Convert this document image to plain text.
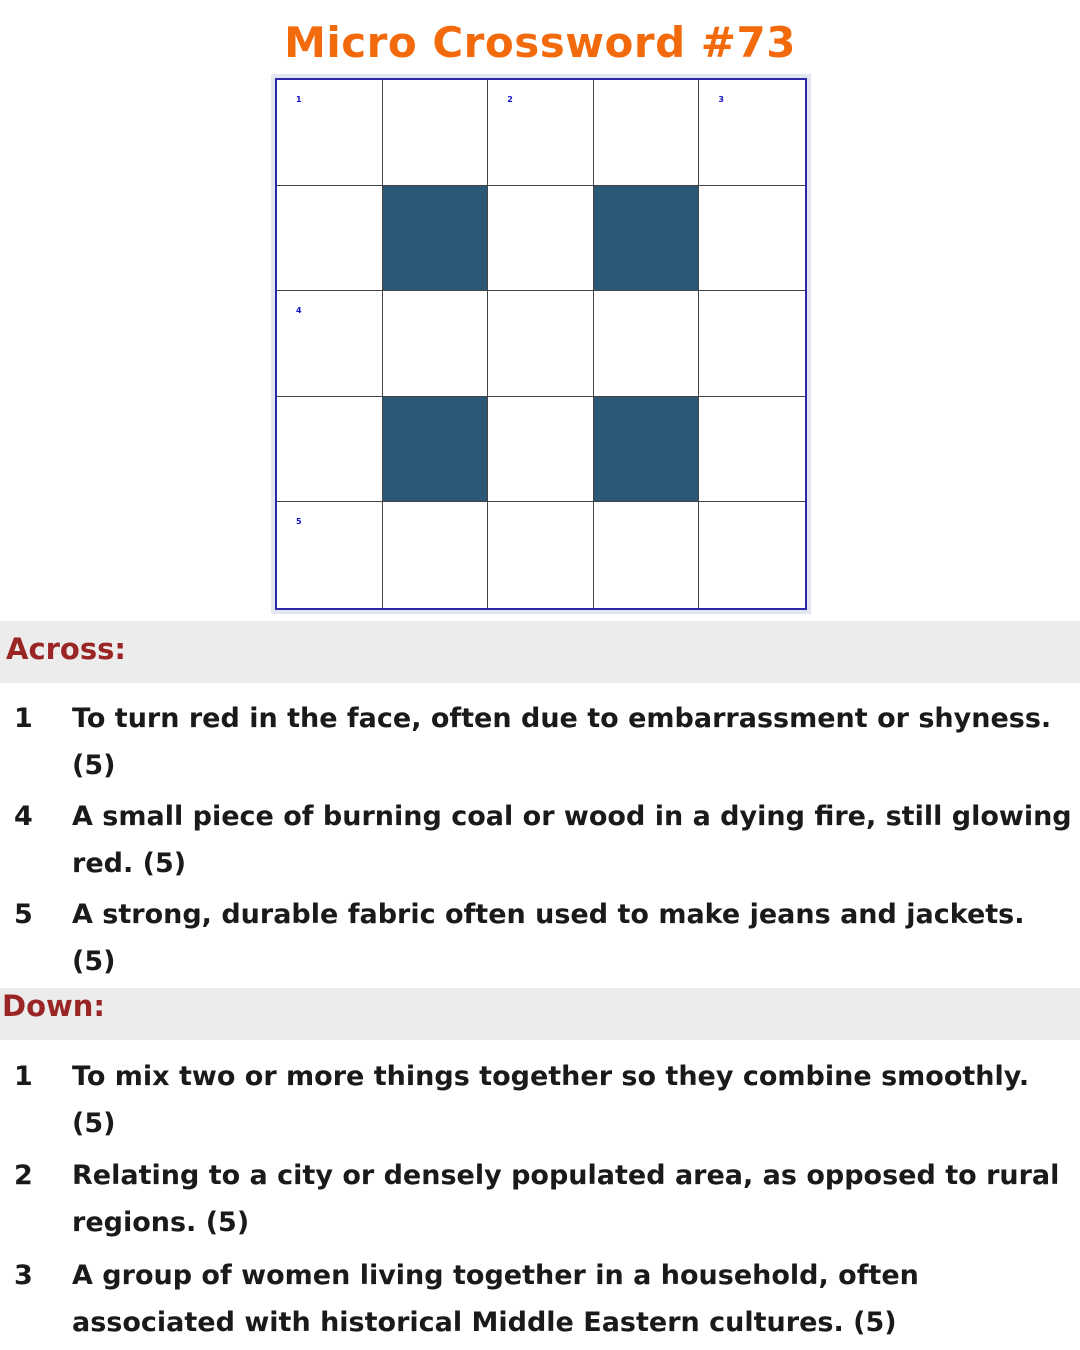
Micro Crossword #73
1	2	3
4
5
Across:
1 To turn red in the face, often due to embarrassment or shyness. (5)
4 A small piece of burning coal or wood in a dying fire, still glowing red. (5)
5 A strong, durable fabric often used to make jeans and jackets. (5)
Down:
1 To mix two or more things together so they combine smoothly. (5)
2 Relating to a city or densely populated area, as opposed to rural regions. (5)
3 A group of women living together in a household, often associated with historical Middle Eastern cultures. (5)
